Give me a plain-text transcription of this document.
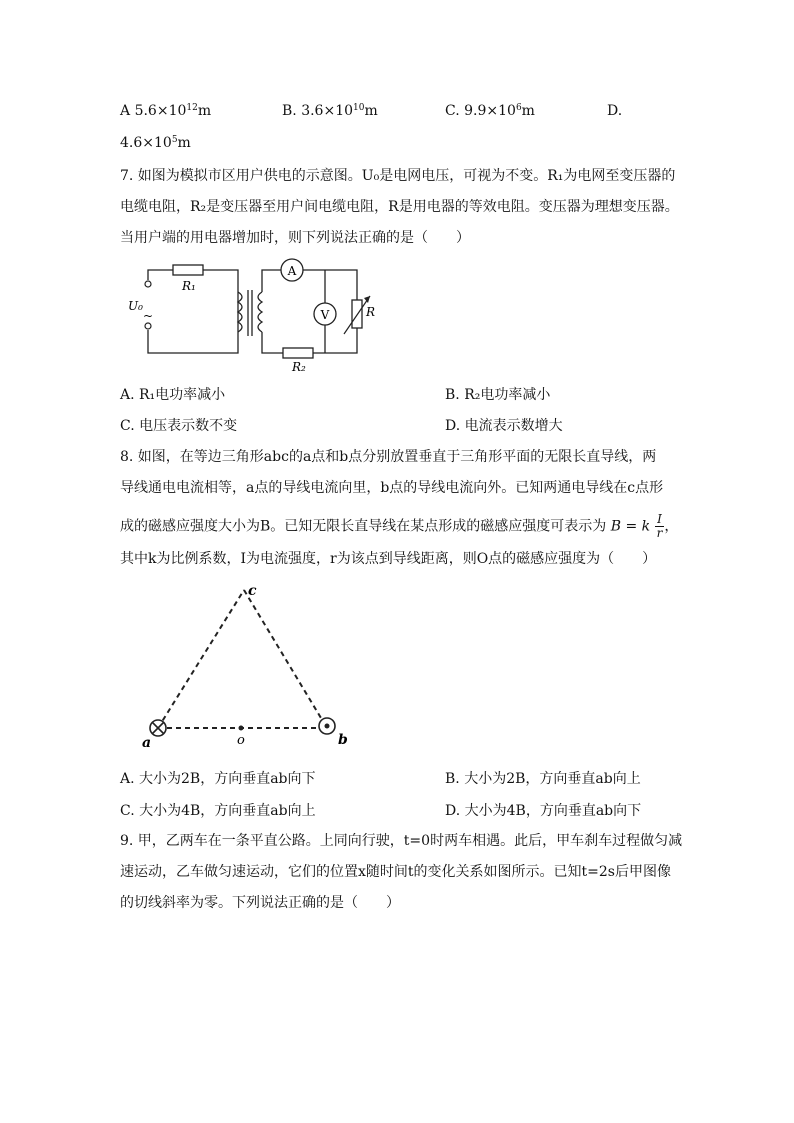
A $5.6\times 10^{12}m$	B. $3.6\times 10^{10}m$	C. $9.9\times 10^6m$	D.
$4.6\times 10^5m$
7. 如图为模拟市区用户供电的示意图。U₀是电网电压，可视为不变。R₁为电网至变压器的
电缆电阻，R₂是变压器至用户间电缆电阻，R是用电器的等效电阻。变压器为理想变压器。
当用户端的用电器增加时，则下列说法正确的是（　　）
A
V
R₁
R₂
R
U₀
~
A. R₁电功率减小	B. R₂电功率减小
C. 电压表示数不变	D. 电流表示数增大
8. 如图，在等边三角形abc的a点和b点分别放置垂直于三角形平面的无限长直导线，两
导线通电电流相等，a点的导线电流向里，b点的导线电流向外。已知两通电导线在c点形
成的磁感应强度大小为B。已知无限长直导线在某点形成的磁感应强度可表示为 B = k $\frac{I}{r}$ ，
其中k为比例系数，I为电流强度，r为该点到导线距离，则O点的磁感应强度为（　　）
a	o	b
c
A. 大小为2B，方向垂直ab向下	B. 大小为2B，方向垂直ab向上
C. 大小为4B，方向垂直ab向上	D. 大小为4B，方向垂直ab向下
9. 甲，乙两车在一条平直公路。上同向行驶，t=0时两车相遇。此后，甲车刹车过程做匀减
速运动，乙车做匀速运动，它们的位置x随时间t的变化关系如图所示。已知t=2s后甲图像
的切线斜率为零。下列说法正确的是（　　）
